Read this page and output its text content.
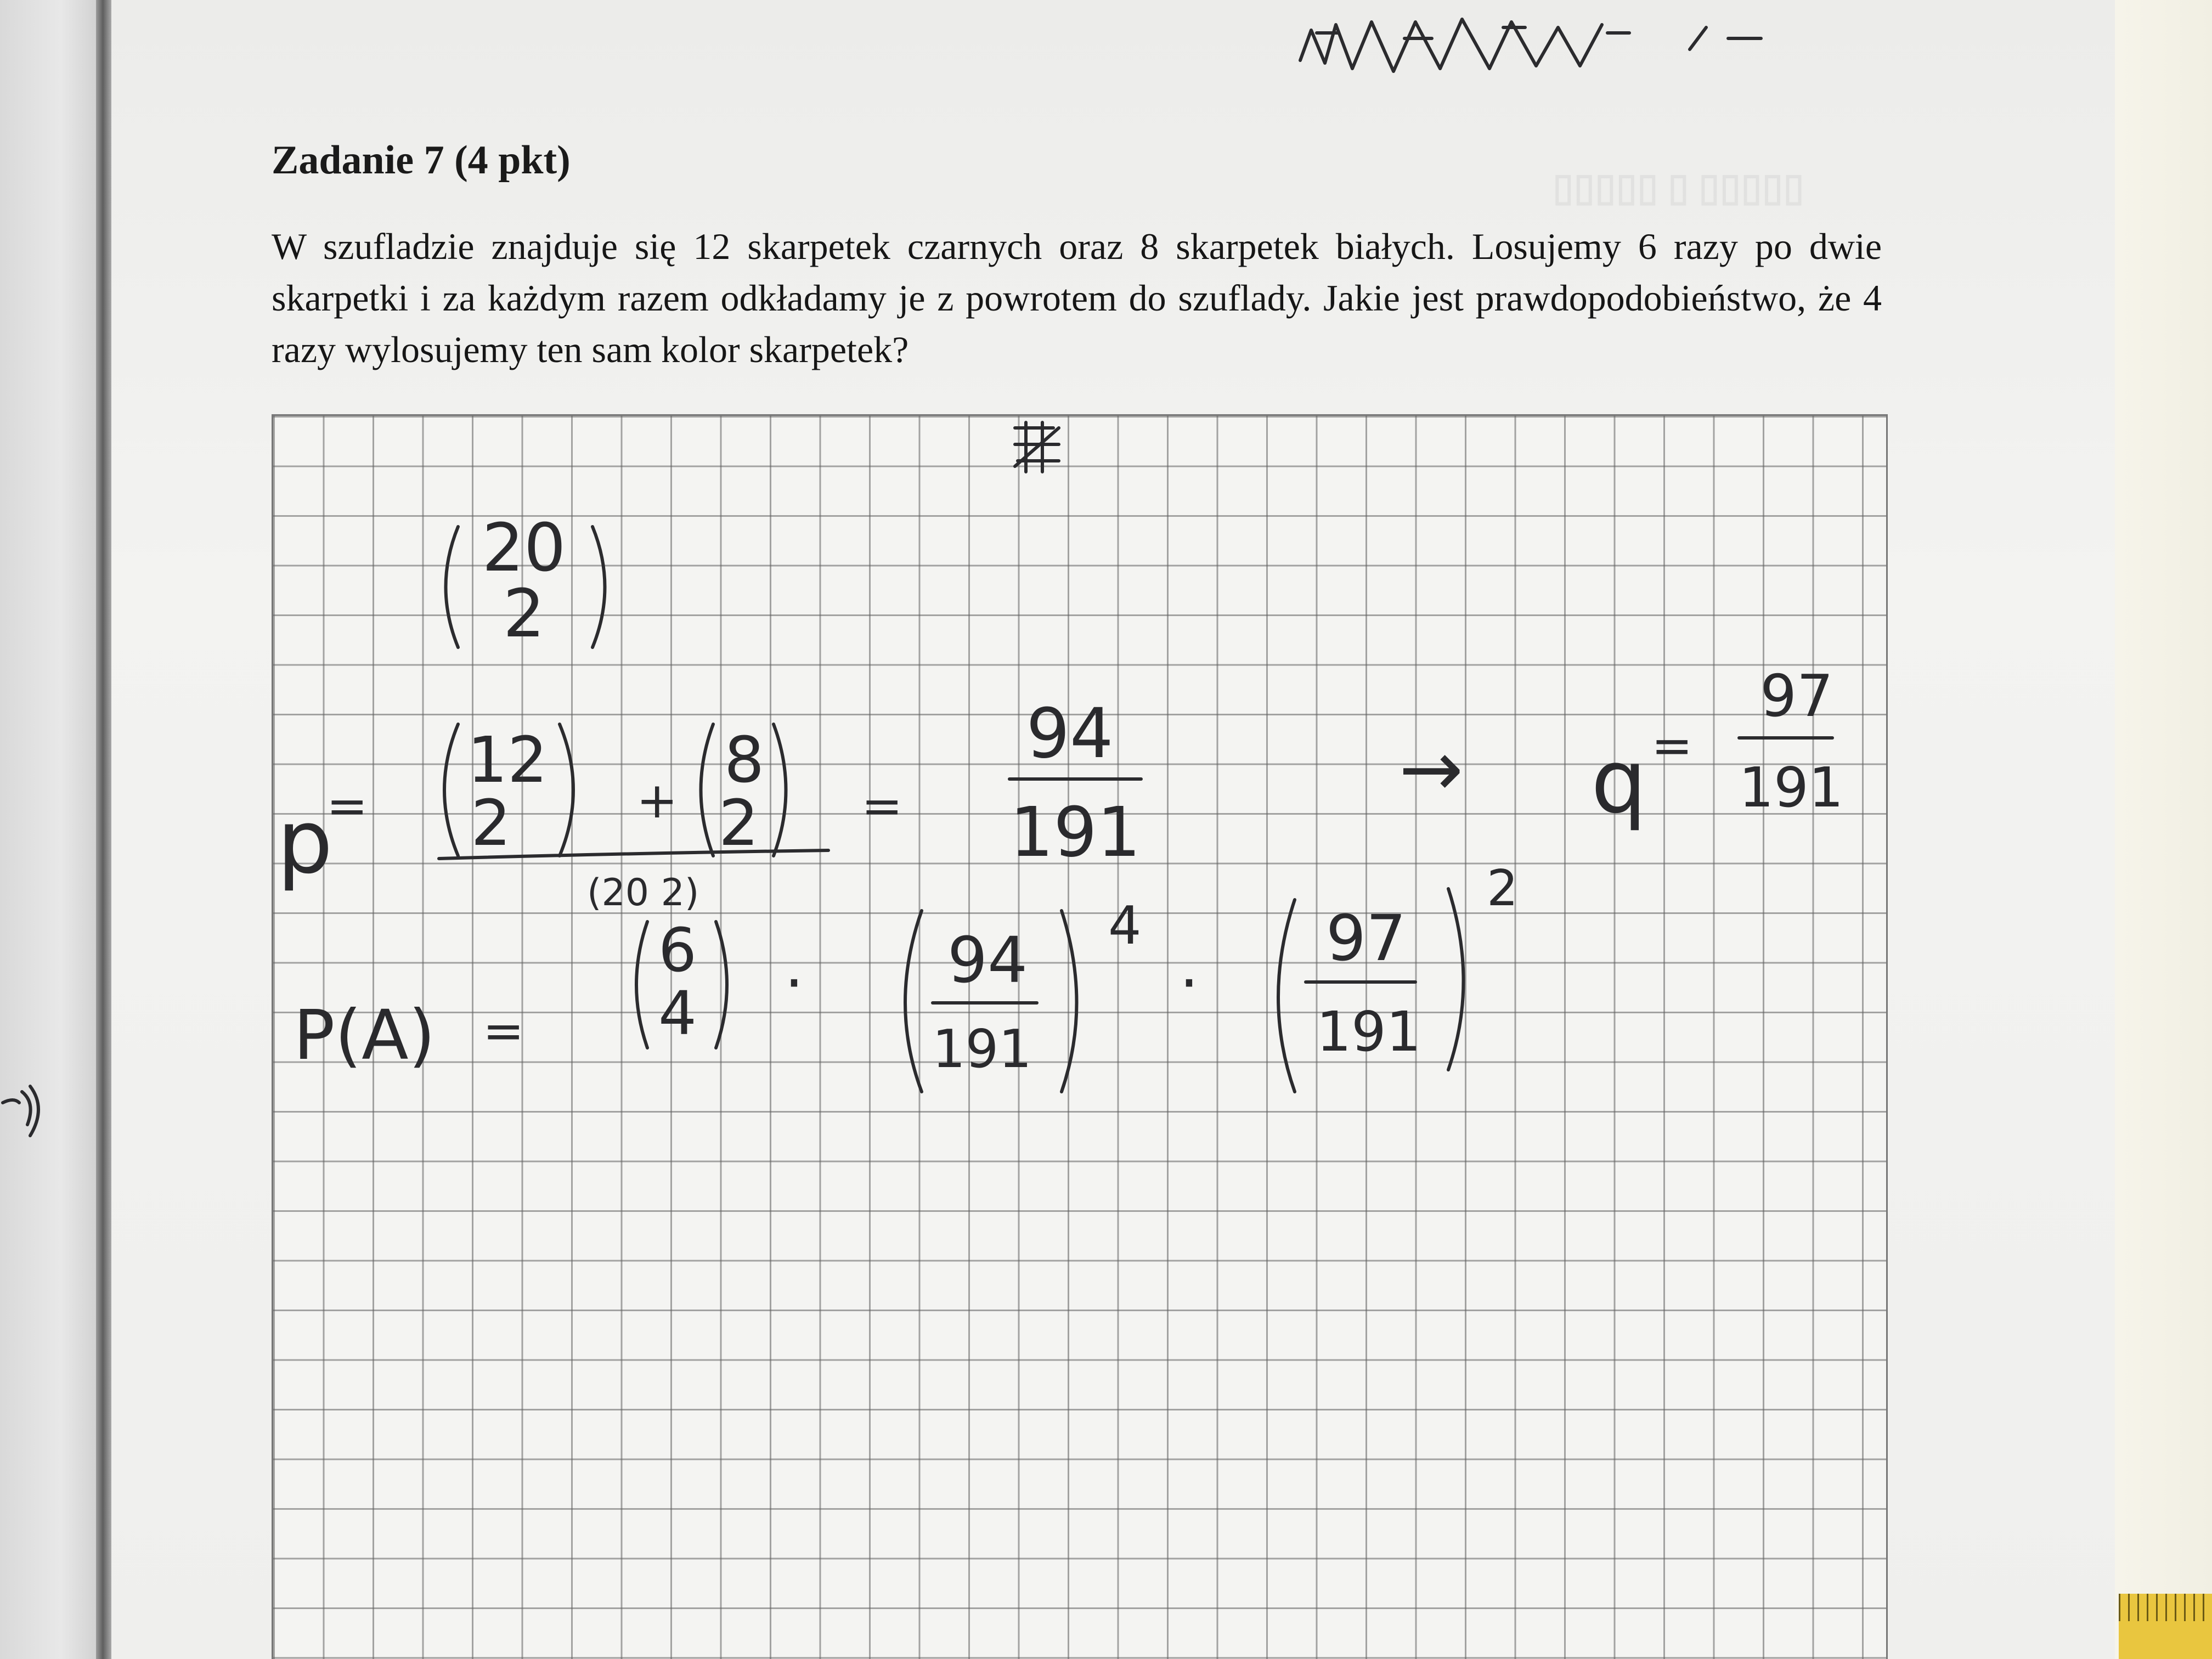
Zadanie 7 (4 pkt)

W szufladzie znajduje się 12 skarpetek czarnych oraz 8 skarpetek białych. Losujemy 6 razy po dwie skarpetki i za każdym razem odkładamy je z powrotem do szuflady. Jakie jest prawdopodobieństwo, że 4 razy wylosujemy ten sam kolor skarpetek?

▯▯▯▯▯ ▯ ▯▯▯▯▯

20
2
p
=
12
2	+
8
2
(20 2)
=
94
191
→ q =
97
191
P(A) =
6
4 · 94
191
4
·
97
191
2
